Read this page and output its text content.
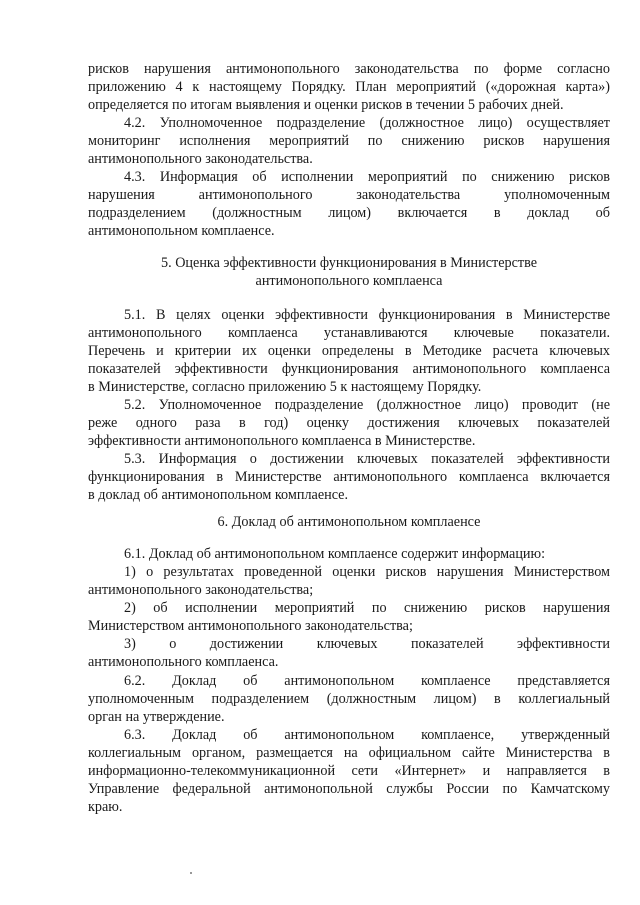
рисков нарушения антимонопольного законодательства по форме согласно
приложению 4 к настоящему Порядку. План мероприятий («дорожная карта»)
определяется по итогам выявления и оценки рисков в течении 5 рабочих дней.
4.2. Уполномоченное подразделение (должностное лицо) осуществляет
мониторинг исполнения мероприятий по снижению рисков нарушения
антимонопольного законодательства.
4.3. Информация об исполнении мероприятий по снижению рисков
нарушения антимонопольного законодательства уполномоченным
подразделением (должностным лицом) включается в доклад об
антимонопольном комплаенсе.
5. Оценка эффективности функционирования в Министерстве
антимонопольного комплаенса
5.1. В целях оценки эффективности функционирования в Министерстве
антимонопольного комплаенса устанавливаются ключевые показатели.
Перечень и критерии их оценки определены в Методике расчета ключевых
показателей эффективности функционирования антимонопольного комплаенса
в Министерстве, согласно приложению 5 к настоящему Порядку.
5.2. Уполномоченное подразделение (должностное лицо) проводит (не
реже одного раза в год) оценку достижения ключевых показателей
эффективности антимонопольного комплаенса в Министерстве.
5.3. Информация о достижении ключевых показателей эффективности
функционирования в Министерстве антимонопольного комплаенса включается
в доклад об антимонопольном комплаенсе.
6. Доклад об антимонопольном комплаенсе
6.1. Доклад об антимонопольном комплаенсе содержит информацию:
1) о результатах проведенной оценки рисков нарушения Министерством
антимонопольного законодательства;
2) об исполнении мероприятий по снижению рисков нарушения
Министерством антимонопольного законодательства;
3) о достижении ключевых показателей эффективности
антимонопольного комплаенса.
6.2. Доклад об антимонопольном комплаенсе представляется
уполномоченным подразделением (должностным лицом) в коллегиальный
орган на утверждение.
6.3. Доклад об антимонопольном комплаенсе, утвержденный
коллегиальным органом, размещается на официальном сайте Министерства в
информационно-телекоммуникационной сети «Интернет» и направляется в
Управление федеральной антимонопольной службы России по Камчатскому
краю.
